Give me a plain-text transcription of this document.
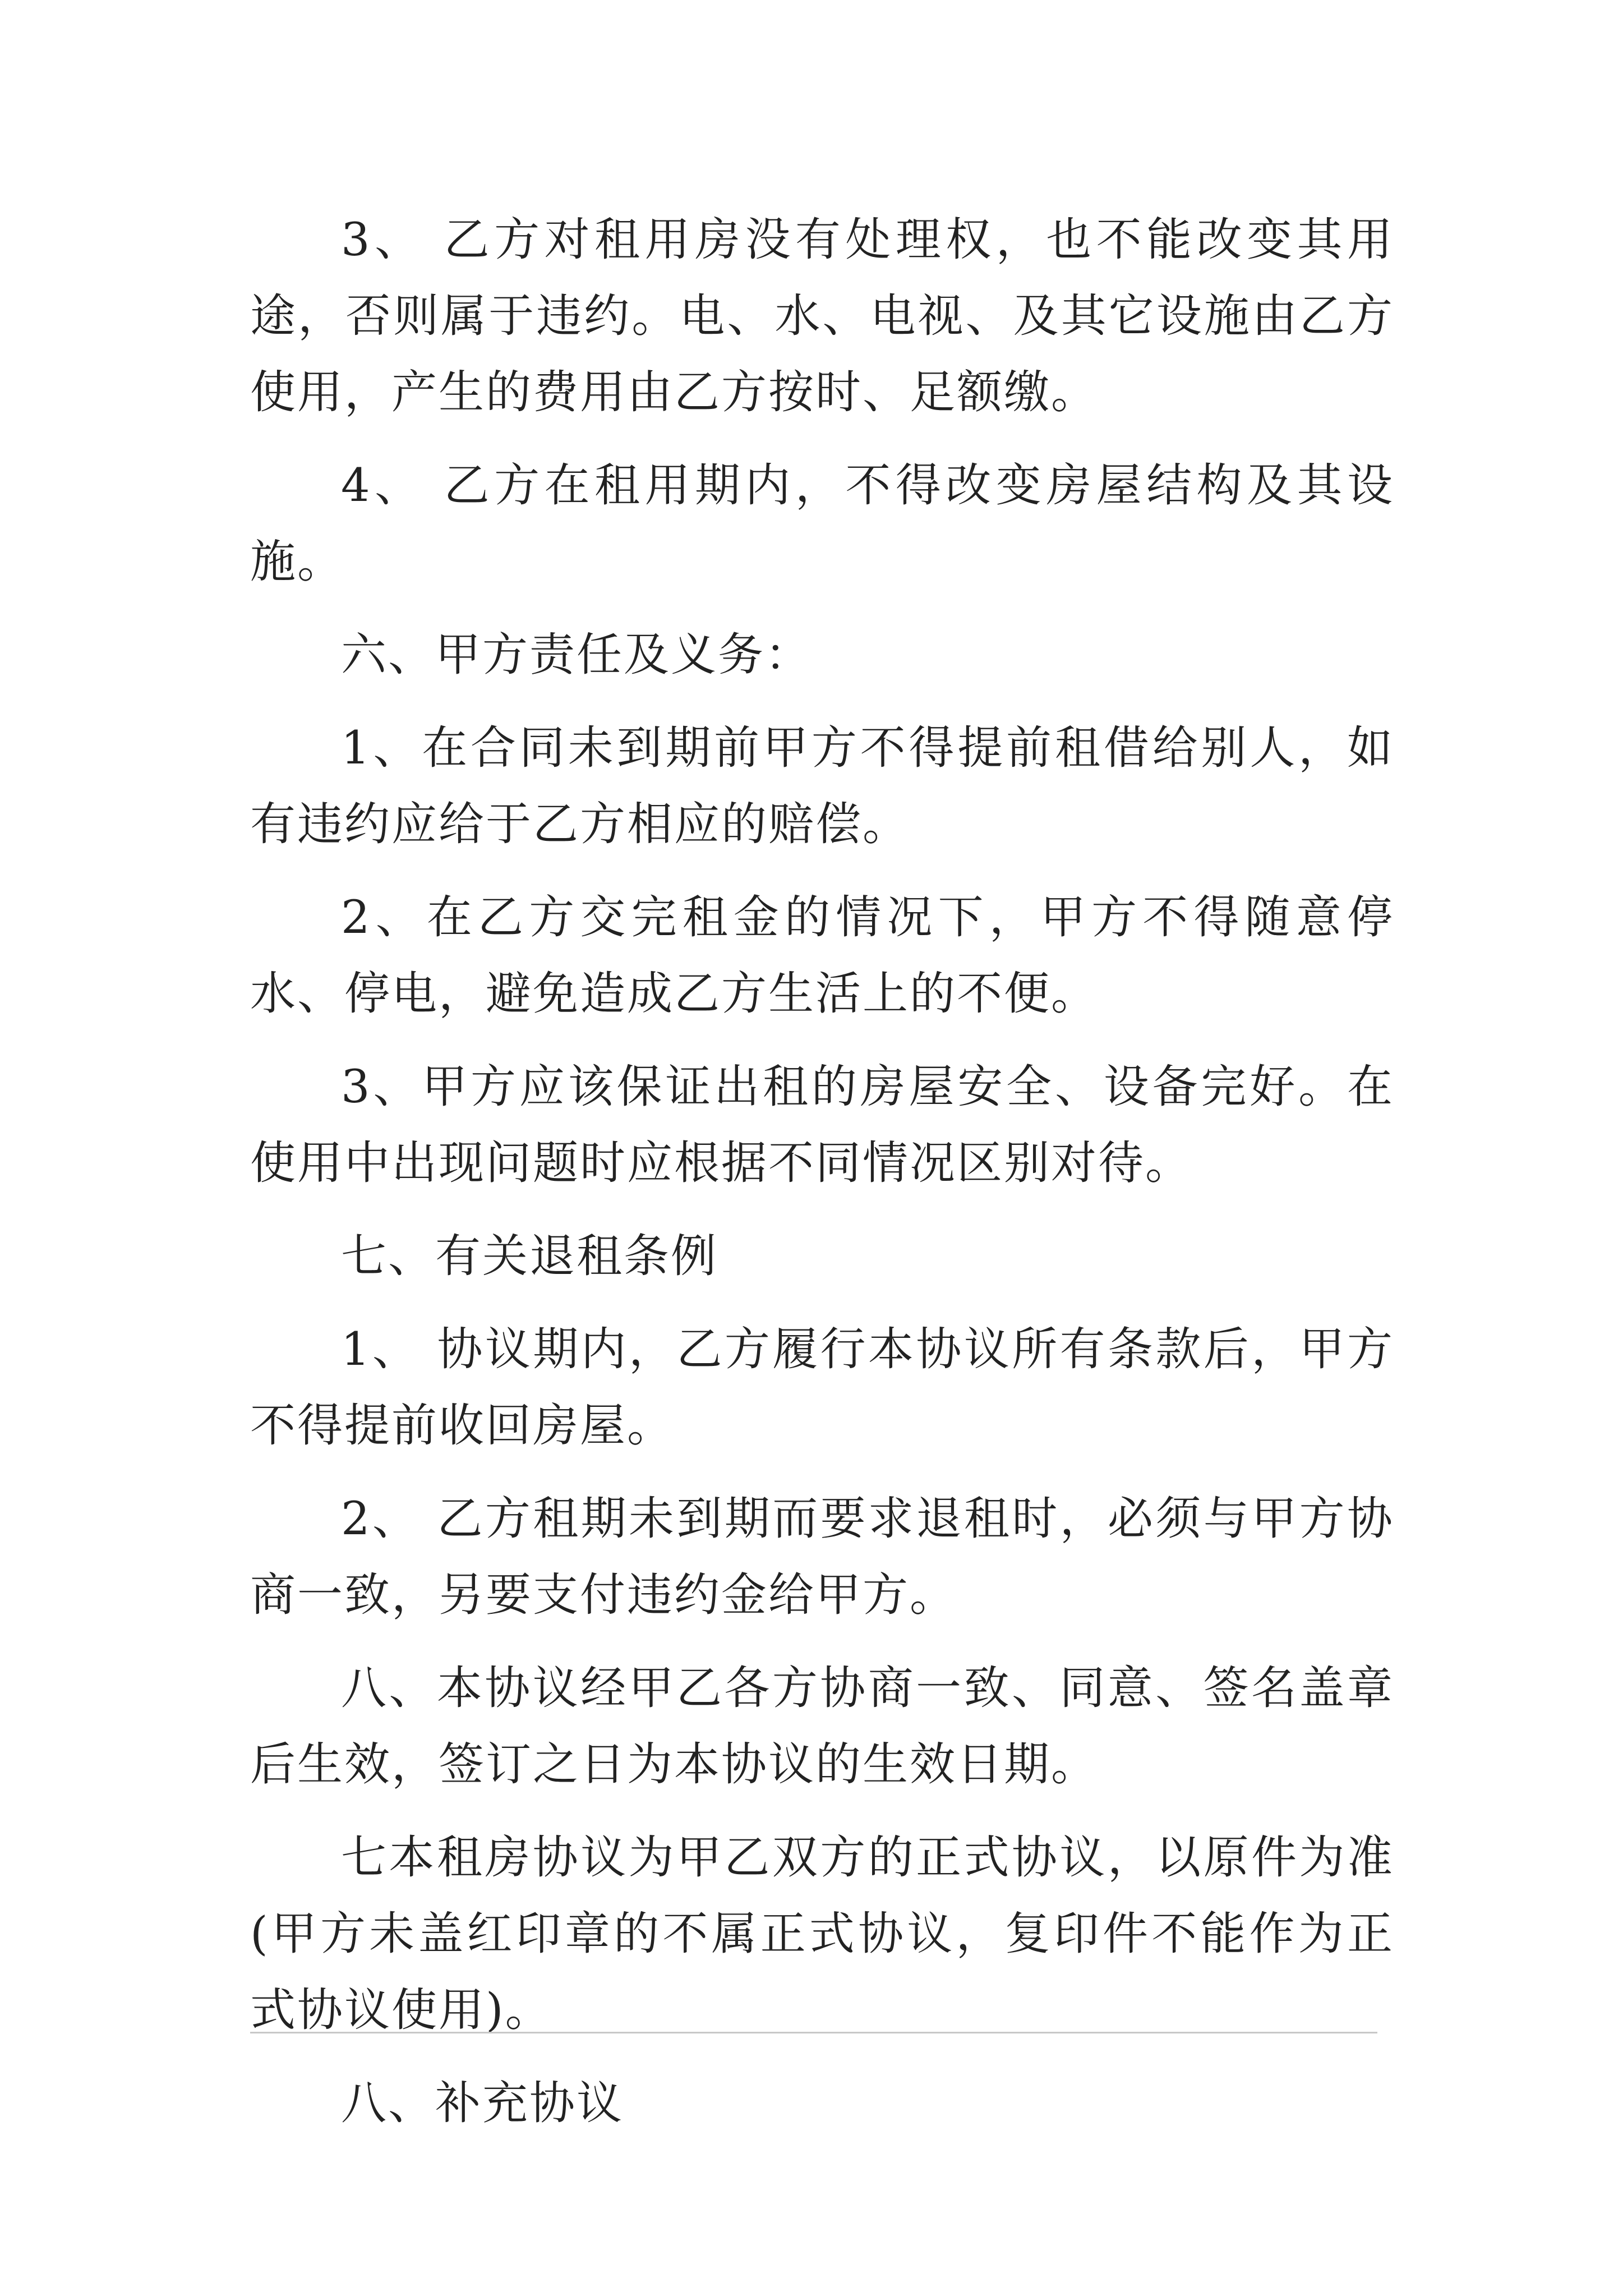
3、 乙方对租用房没有处理权，也不能改变其用途，否则属于违约。电、水、电视、及其它设施由乙方使用，产生的费用由乙方按时、足额缴。

4、 乙方在租用期内，不得改变房屋结构及其设施。

六、甲方责任及义务：

1、在合同未到期前甲方不得提前租借给别人，如有违约应给于乙方相应的赔偿。

2、在乙方交完租金的情况下，甲方不得随意停水、停电，避免造成乙方生活上的不便。

3、甲方应该保证出租的房屋安全、设备完好。在使用中出现问题时应根据不同情况区别对待。

七、有关退租条例

1、 协议期内，乙方履行本协议所有条款后，甲方不得提前收回房屋。

2、 乙方租期未到期而要求退租时，必须与甲方协商一致，另要支付违约金给甲方。

八、本协议经甲乙各方协商一致、同意、签名盖章后生效，签订之日为本协议的生效日期。

七本租房协议为甲乙双方的正式协议，以原件为准(甲方未盖红印章的不属正式协议，复印件不能作为正式协议使用)。

八、补充协议
